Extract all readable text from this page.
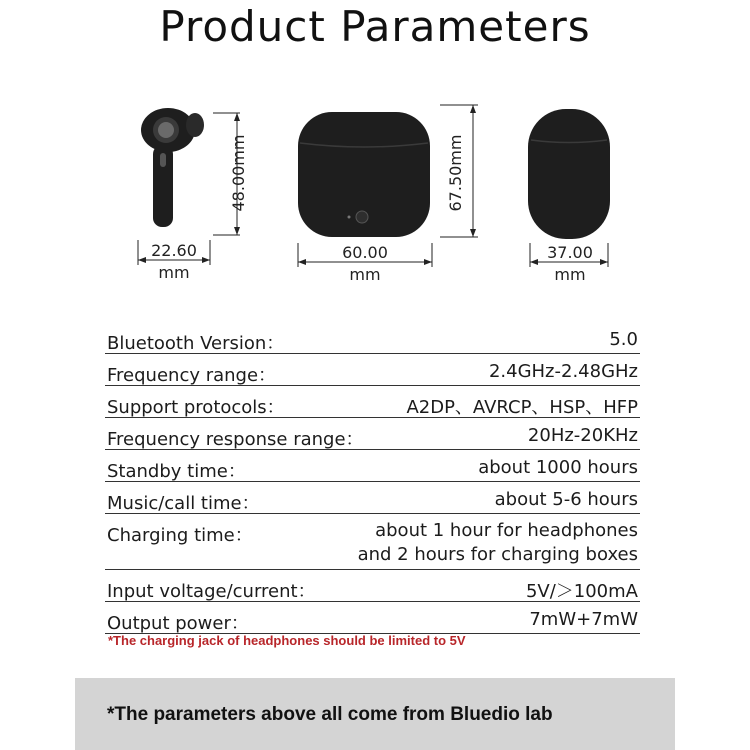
Product Parameters
48.00mm
22.60
mm
67.50mm
60.00
mm
37.00
mm
Bluetooth Version：	5.0
Frequency range：	2.4GHz-2.48GHz
Support protocols：	A2DP、AVRCP、HSP、HFP
Frequency response range：	20Hz-20KHz
Standby time：	about 1000 hours
Music/call time：	about 5-6 hours
Charging time：	about 1 hour for headphones
and 2 hours for charging boxes
Input voltage/current：	5V/＞100mA
Output power：	7mW+7mW
*The charging jack of headphones should be limited to 5V
*The parameters above all come from Bluedio lab
